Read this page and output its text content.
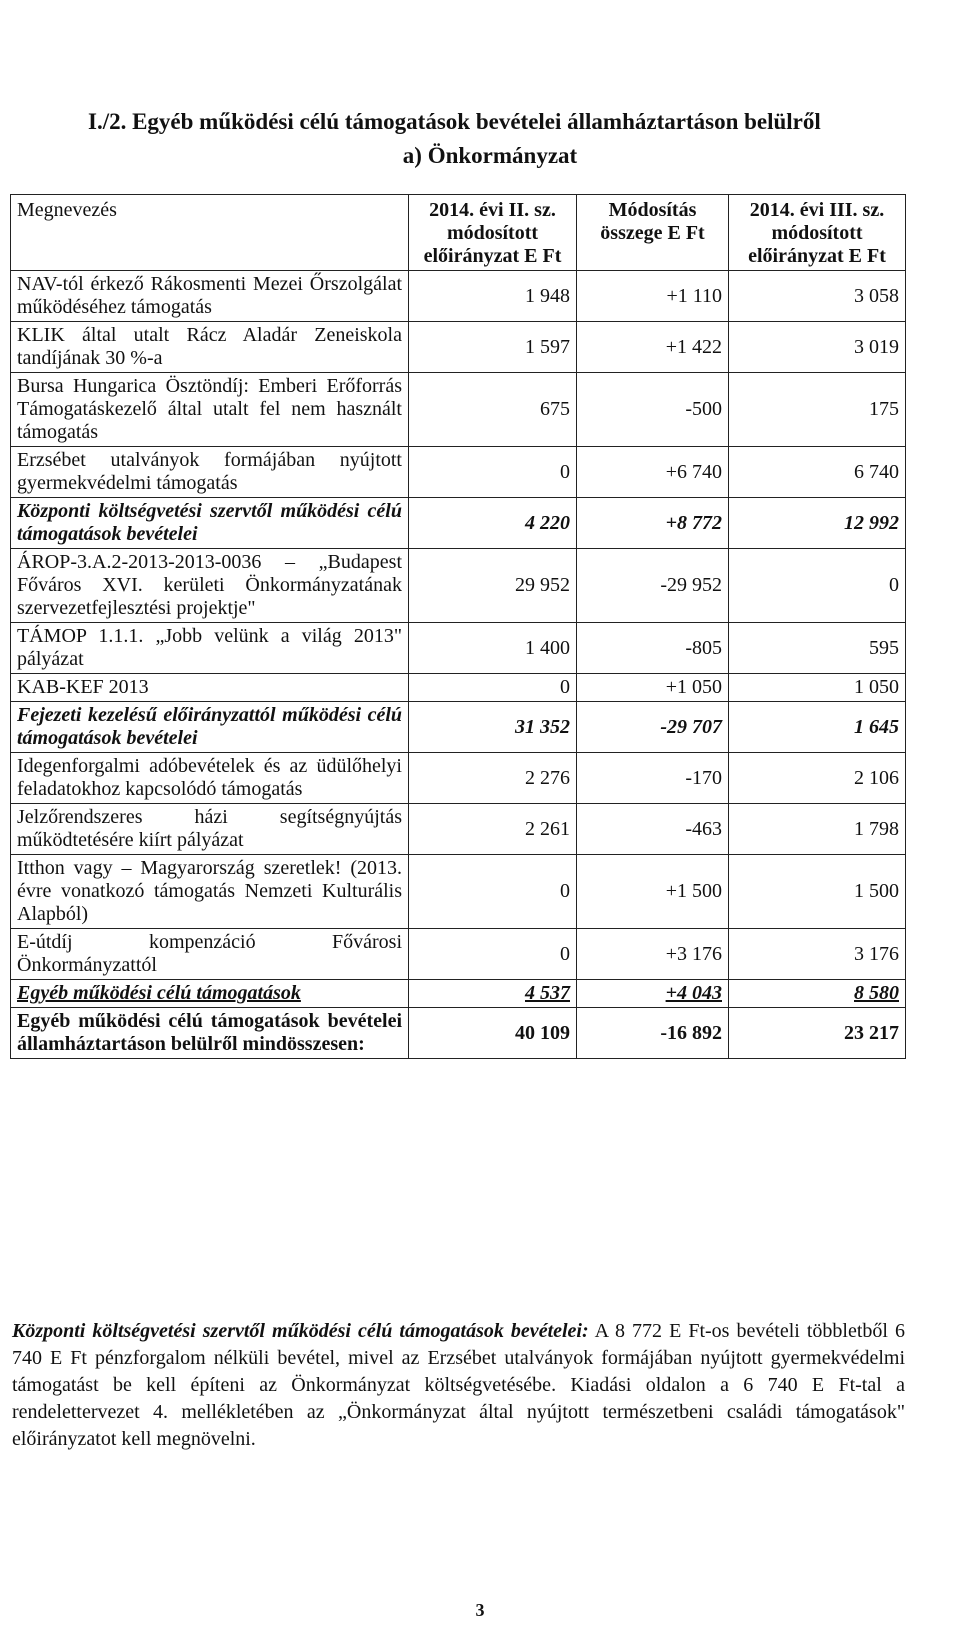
I./2. Egyéb működési célú támogatások bevételei államháztartáson belülről
a) Önkormányzat
Megnevezés	2014. évi II. sz. módosított előirányzat E Ft	Módosítás összege E Ft	2014. évi III. sz. módosított előirányzat E Ft
NAV-tól érkező Rákosmenti Mezei Őrszolgálat működéséhez támogatás	1 948	+1 110	3 058
KLIK által utalt Rácz Aladár Zeneiskola tandíjának 30 %-a	1 597	+1 422	3 019
Bursa Hungarica Ösztöndíj: Emberi Erőforrás Támogatáskezelő által utalt fel nem használt támogatás	675	-500	175
Erzsébet utalványok formájában nyújtott gyermekvédelmi támogatás	0	+6 740	6 740
Központi költségvetési szervtől működési célú támogatások bevételei	4 220	+8 772	12 992
ÁROP-3.A.2-2013-2013-0036 – „Budapest Főváros XVI. kerületi Önkormányzatának szervezetfejlesztési projektje"	29 952	-29 952	0
TÁMOP 1.1.1. „Jobb velünk a világ 2013" pályázat	1 400	-805	595
KAB-KEF 2013	0	+1 050	1 050
Fejezeti kezelésű előirányzattól működési célú támogatások bevételei	31 352	-29 707	1 645
Idegenforgalmi adóbevételek és az üdülőhelyi feladatokhoz kapcsolódó támogatás	2 276	-170	2 106
Jelzőrendszeres házi segítségnyújtás működtetésére kiírt pályázat	2 261	-463	1 798
Itthon vagy – Magyarország szeretlek! (2013. évre vonatkozó támogatás Nemzeti Kulturális Alapból)	0	+1 500	1 500
E-útdíj kompenzáció Fővárosi Önkormányzattól	0	+3 176	3 176
Egyéb működési célú támogatások	4 537	+4 043	8 580
Egyéb működési célú támogatások bevételei államháztartáson belülről mindösszesen:	40 109	-16 892	23 217
Központi költségvetési szervtől működési célú támogatások bevételei: A 8 772 E Ft-os bevételi többletből 6 740 E Ft pénzforgalom nélküli bevétel, mivel az Erzsébet utalványok formájában nyújtott gyermekvédelmi támogatást be kell építeni az Önkormányzat költségvetésébe. Kiadási oldalon a 6 740 E Ft-tal a rendelettervezet 4. mellékletében az „Önkormányzat által nyújtott természetbeni családi támogatások" előirányzatot kell megnövelni.
3
